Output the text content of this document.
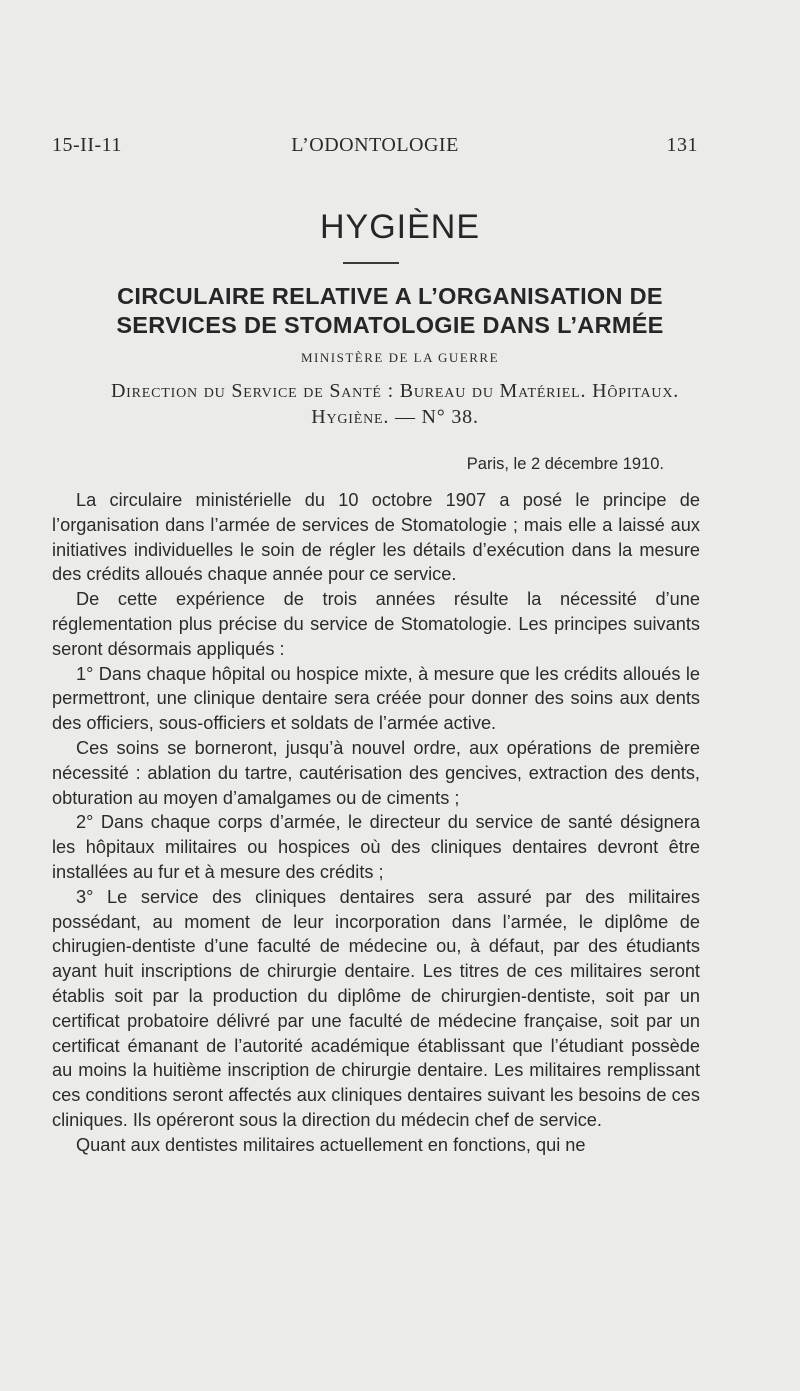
15-II-11	L’ODONTOLOGIE	131
HYGIÈNE
CIRCULAIRE RELATIVE A L’ORGANISATION DE
SERVICES DE STOMATOLOGIE DANS L’ARMÉE
MINISTÈRE DE LA GUERRE
Direction du Service de Santé : Bureau du Matériel. Hôpitaux.
Hygiène. — N° 38.
Paris, le 2 décembre 1910.

La circulaire ministérielle du 10 octobre 1907 a posé le principe de l’organisation dans l’armée de services de Stomatologie ; mais elle a laissé aux initiatives individuelles le soin de régler les détails d’exécution dans la mesure des crédits alloués chaque année pour ce service.

De cette expérience de trois années résulte la nécessité d’une réglementation plus précise du service de Stomatologie. Les principes suivants seront désormais appliqués :

1° Dans chaque hôpital ou hospice mixte, à mesure que les crédits alloués le permettront, une clinique dentaire sera créée pour donner des soins aux dents des officiers, sous-officiers et soldats de l’armée active.

Ces soins se borneront, jusqu’à nouvel ordre, aux opérations de première nécessité : ablation du tartre, cautérisation des gencives, extraction des dents, obturation au moyen d’amalgames ou de ciments ;

2° Dans chaque corps d’armée, le directeur du service de santé désignera les hôpitaux militaires ou hospices où des cliniques dentaires devront être installées au fur et à mesure des crédits ;

3° Le service des cliniques dentaires sera assuré par des militaires possédant, au moment de leur incorporation dans l’armée, le diplôme de chirugien-dentiste d’une faculté de médecine ou, à défaut, par des étudiants ayant huit inscriptions de chirurgie dentaire. Les titres de ces militaires seront établis soit par la production du diplôme de chirurgien-dentiste, soit par un certificat probatoire délivré par une faculté de médecine française, soit par un certificat émanant de l’autorité académique établissant que l’étudiant possède au moins la huitième inscription de chirurgie dentaire. Les militaires remplissant ces conditions seront affectés aux cliniques dentaires suivant les besoins de ces cliniques. Ils opéreront sous la direction du médecin chef de service.

Quant aux dentistes militaires actuellement en fonctions, qui ne
